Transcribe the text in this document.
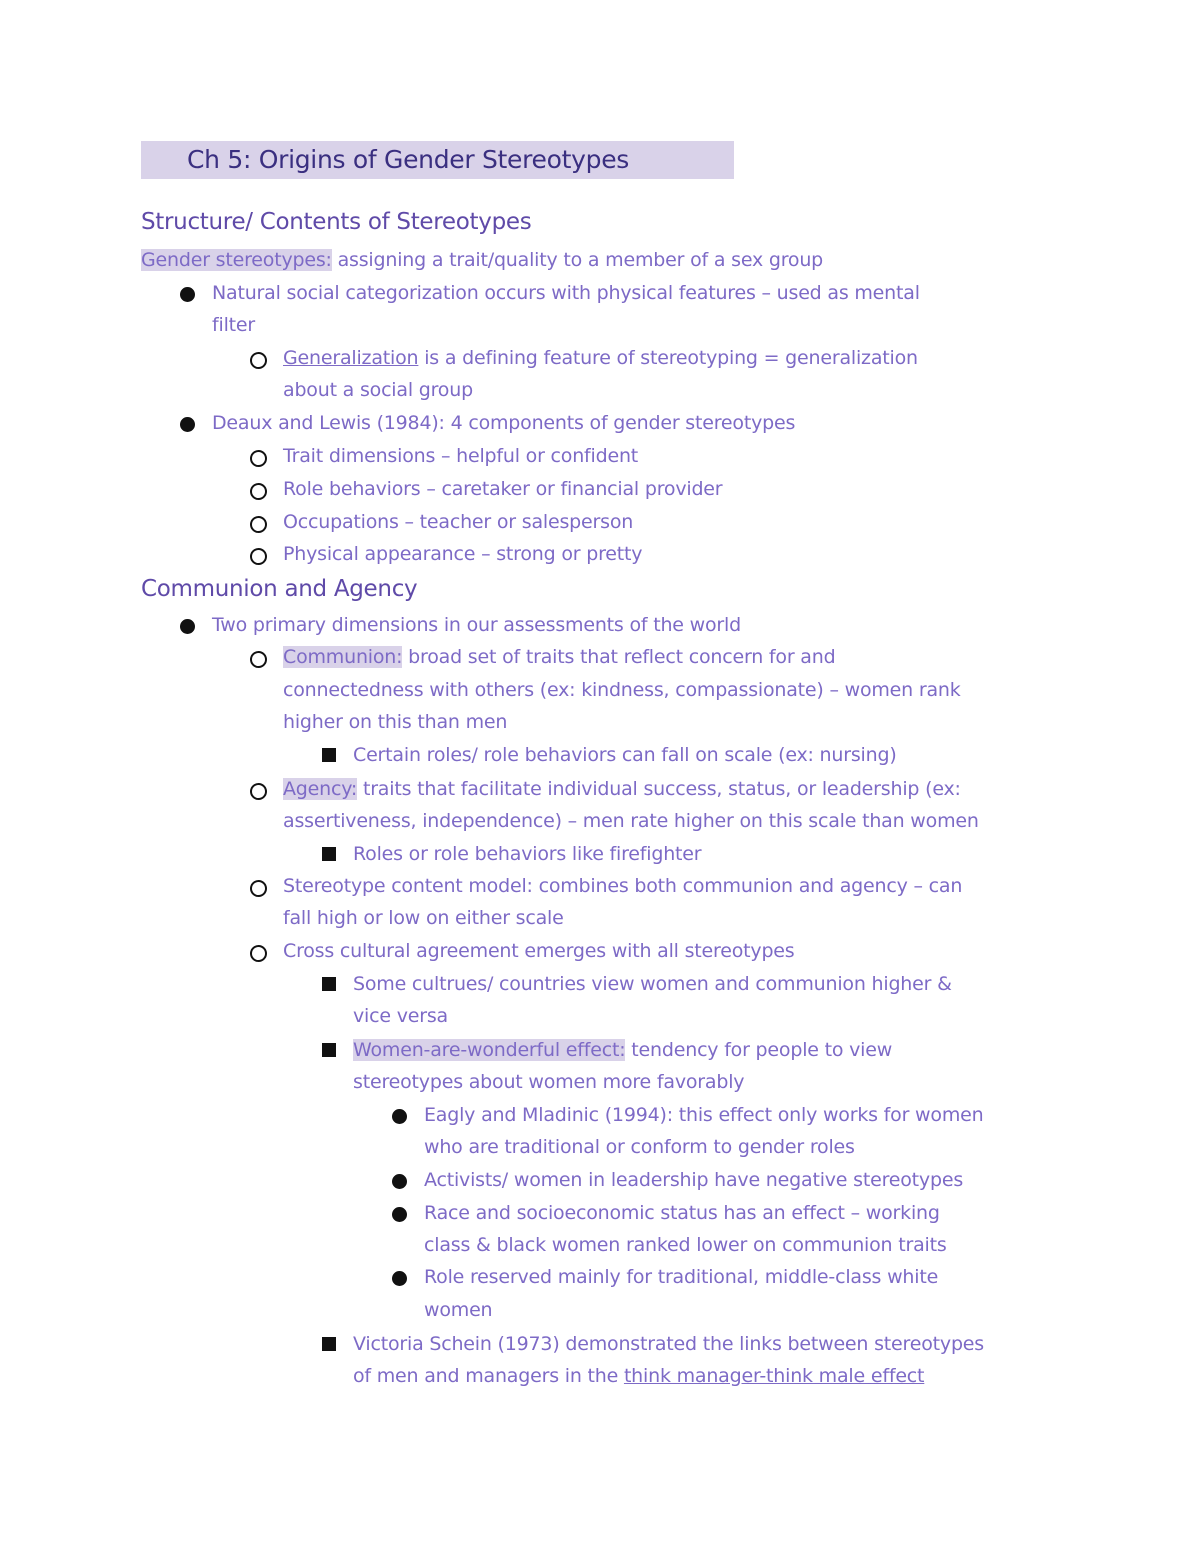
Ch 5: Origins of Gender Stereotypes
Structure/ Contents of Stereotypes
Gender stereotypes: assigning a trait/quality to a member of a sex group
Natural social categorization occurs with physical features – used as mental
filter
Generalization is a defining feature of stereotyping = generalization
about a social group
Deaux and Lewis (1984): 4 components of gender stereotypes
Trait dimensions – helpful or confident
Role behaviors – caretaker or financial provider
Occupations – teacher or salesperson
Physical appearance – strong or pretty
Communion and Agency
Two primary dimensions in our assessments of the world
Communion: broad set of traits that reflect concern for and
connectedness with others (ex: kindness, compassionate) – women rank
higher on this than men
Certain roles/ role behaviors can fall on scale (ex: nursing)
Agency: traits that facilitate individual success, status, or leadership (ex:
assertiveness, independence) – men rate higher on this scale than women
Roles or role behaviors like firefighter
Stereotype content model: combines both communion and agency – can
fall high or low on either scale
Cross cultural agreement emerges with all stereotypes
Some cultrues/ countries view women and communion higher &
vice versa
Women-are-wonderful effect: tendency for people to view
stereotypes about women more favorably
Eagly and Mladinic (1994): this effect only works for women
who are traditional or conform to gender roles
Activists/ women in leadership have negative stereotypes
Race and socioeconomic status has an effect – working
class & black women ranked lower on communion traits
Role reserved mainly for traditional, middle-class white
women
Victoria Schein (1973) demonstrated the links between stereotypes
of men and managers in the think manager-think male effect
